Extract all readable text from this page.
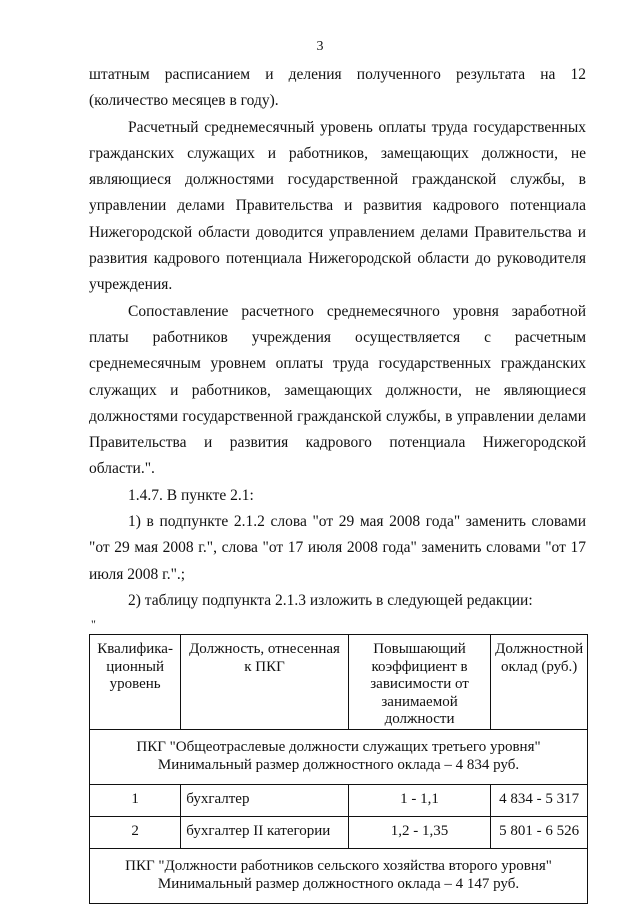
3

штатным расписанием и деления полученного результата на 12 (количество месяцев в году).

Расчетный среднемесячный уровень оплаты труда государственных гражданских служащих и работников, замещающих должности, не являющиеся должностями государственной гражданской службы, в управлении делами Правительства и развития кадрового потенциала Нижегородской области доводится управлением делами Правительства и развития кадрового потенциала Нижегородской области до руководителя учреждения.

Сопоставление расчетного среднемесячного уровня заработной платы работников учреждения осуществляется с расчетным среднемесячным уровнем оплаты труда государственных гражданских служащих и работников, замещающих должности, не являющиеся должностями государственной гражданской службы, в управлении делами Правительства и развития кадрового потенциала Нижегородской области.".

1.4.7. В пункте 2.1:

1) в подпункте 2.1.2 слова "от 29 мая 2008 года" заменить словами "от 29 мая 2008 г.", слова "от 17 июля 2008 года" заменить словами "от 17 июля 2008 г.".;

2) таблицу подпункта 2.1.3 изложить в следующей редакции:

"
Квалифика-
ционный
уровень	Должность, отнесенная
к ПКГ	Повышающий
коэффициент в
зависимости от
занимаемой
должности	Должностной
оклад (руб.)

ПКГ "Общеотраслевые должности служащих третьего уровня"
Минимальный размер должностного оклада – 4 834 руб.			

1	бухгалтер	1 - 1,1	4 834 - 5 317
2	бухгалтер II категории	1,2 - 1,35	5 801 - 6 526

ПКГ "Должности работников сельского хозяйства второго уровня"
Минимальный размер должностного оклада – 4 147 руб.			
